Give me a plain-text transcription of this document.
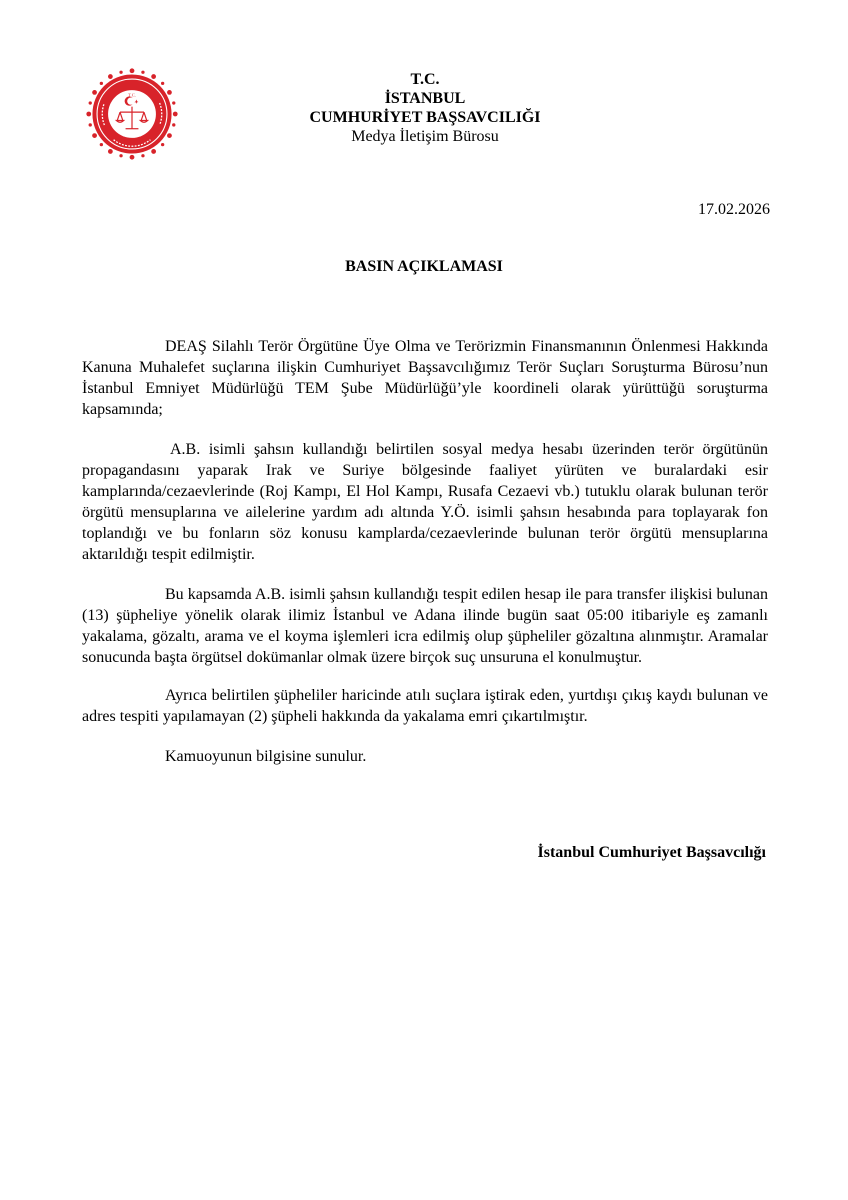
T.C.
T.C.
İSTANBUL
CUMHURİYET BAŞSAVCILIĞI
Medya İletişim Bürosu
17.02.2026
BASIN AÇIKLAMASI

DEAŞ Silahlı Terör Örgütüne Üye Olma ve Terörizmin Finansmanının Önlenmesi Hakkında Kanuna Muhalefet suçlarına ilişkin Cumhuriyet Başsavcılığımız Terör Suçları Soruşturma Bürosu’nun İstanbul Emniyet Müdürlüğü TEM Şube Müdürlüğü’yle koordineli olarak yürüttüğü soruşturma kapsamında;

A.B. isimli şahsın kullandığı belirtilen sosyal medya hesabı üzerinden terör örgütünün propagandasını yaparak Irak ve Suriye bölgesinde faaliyet yürüten ve buralardaki esir kamplarında/cezaevlerinde (Roj Kampı, El Hol Kampı, Rusafa Cezaevi vb.) tutuklu olarak bulunan terör örgütü mensuplarına ve ailelerine yardım adı altında Y.Ö. isimli şahsın hesabında para toplayarak fon toplandığı ve bu fonların söz konusu kamplarda/cezaevlerinde bulunan terör örgütü mensuplarına aktarıldığı tespit edilmiştir.

Bu kapsamda A.B. isimli şahsın kullandığı tespit edilen hesap ile para transfer ilişkisi bulunan (13) şüpheliye yönelik olarak ilimiz İstanbul ve Adana ilinde bugün saat 05:00 itibariyle eş zamanlı yakalama, gözaltı, arama ve el koyma işlemleri icra edilmiş olup şüpheliler gözaltına alınmıştır. Aramalar sonucunda başta örgütsel dokümanlar olmak üzere birçok suç unsuruna el konulmuştur.

Ayrıca belirtilen şüpheliler haricinde atılı suçlara iştirak eden, yurtdışı çıkış kaydı bulunan ve adres tespiti yapılamayan (2) şüpheli hakkında da yakalama emri çıkartılmıştır.

Kamuoyunun bilgisine sunulur.

İstanbul Cumhuriyet Başsavcılığı
